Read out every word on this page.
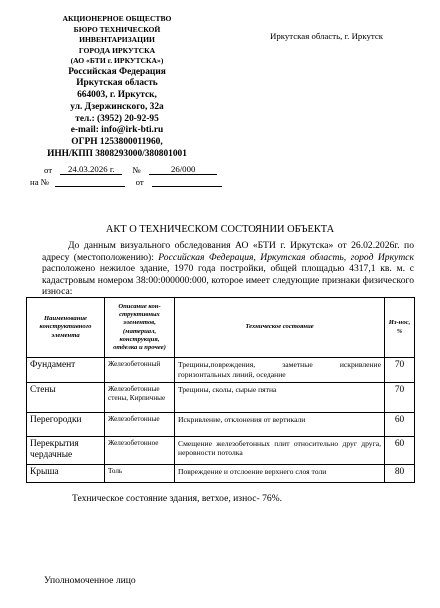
АКЦИОНЕРНОЕ ОБЩЕСТВО
БЮРО ТЕХНИЧЕСКОЙ
ИНВЕНТАРИЗАЦИИ
ГОРОДА ИРКУТСКА
(АО «БТИ г. ИРКУТСКА»)
Российская Федерация
Иркутская область
664003, г. Иркутск,
ул. Дзержинского, 32а
тел.: (3952) 20-92-95
e-mail: info@irk-bti.ru
ОГРН 1253800011960,
ИНН/КПП 3808293000/380801001
Иркутская область, г. Иркутск
от 24.03.2026 г. №	26/000
на №	от
АКТ О ТЕХНИЧЕСКОМ СОСТОЯНИИ ОБЪЕКТА
До данным визуального обследования АО «БТИ г. Иркутска» от 26.02.2026г. по адресу (местоположению): Российская Федерация, Иркутская область, город Иркутск расположено нежилое здание, 1970 года постройки, общей площадью 4317,1 кв. м. с кадастровым номером 38:00:000000:000, которое имеет следующие признаки физического износа:
Наименование конструктивного элемента	Описание кон-структивных элементов, (материал, конструкция, отделка и прочее)	Техническое состояние	Из-нос, %
Фундамент	Железобетонный	Трещины,повреждения, заметные искривление горизонтальных линий, оседание	70
Стены	Железобетонные стены, Кирпичные	Трещины, сколы, сырые пятна	70
Перегородки	Железобетонные	Искривление, отклонения от вертикали	60
Перекрытия чердачные	Железобетонное	Смещение железобетонных плит относительно друг друга, неровности потолка	60
Крыша	Толь	Повреждение и отслоение верхнего слоя толи	80
Техническое состояние здания, ветхое, износ- 76%.
Уполномоченное лицо
